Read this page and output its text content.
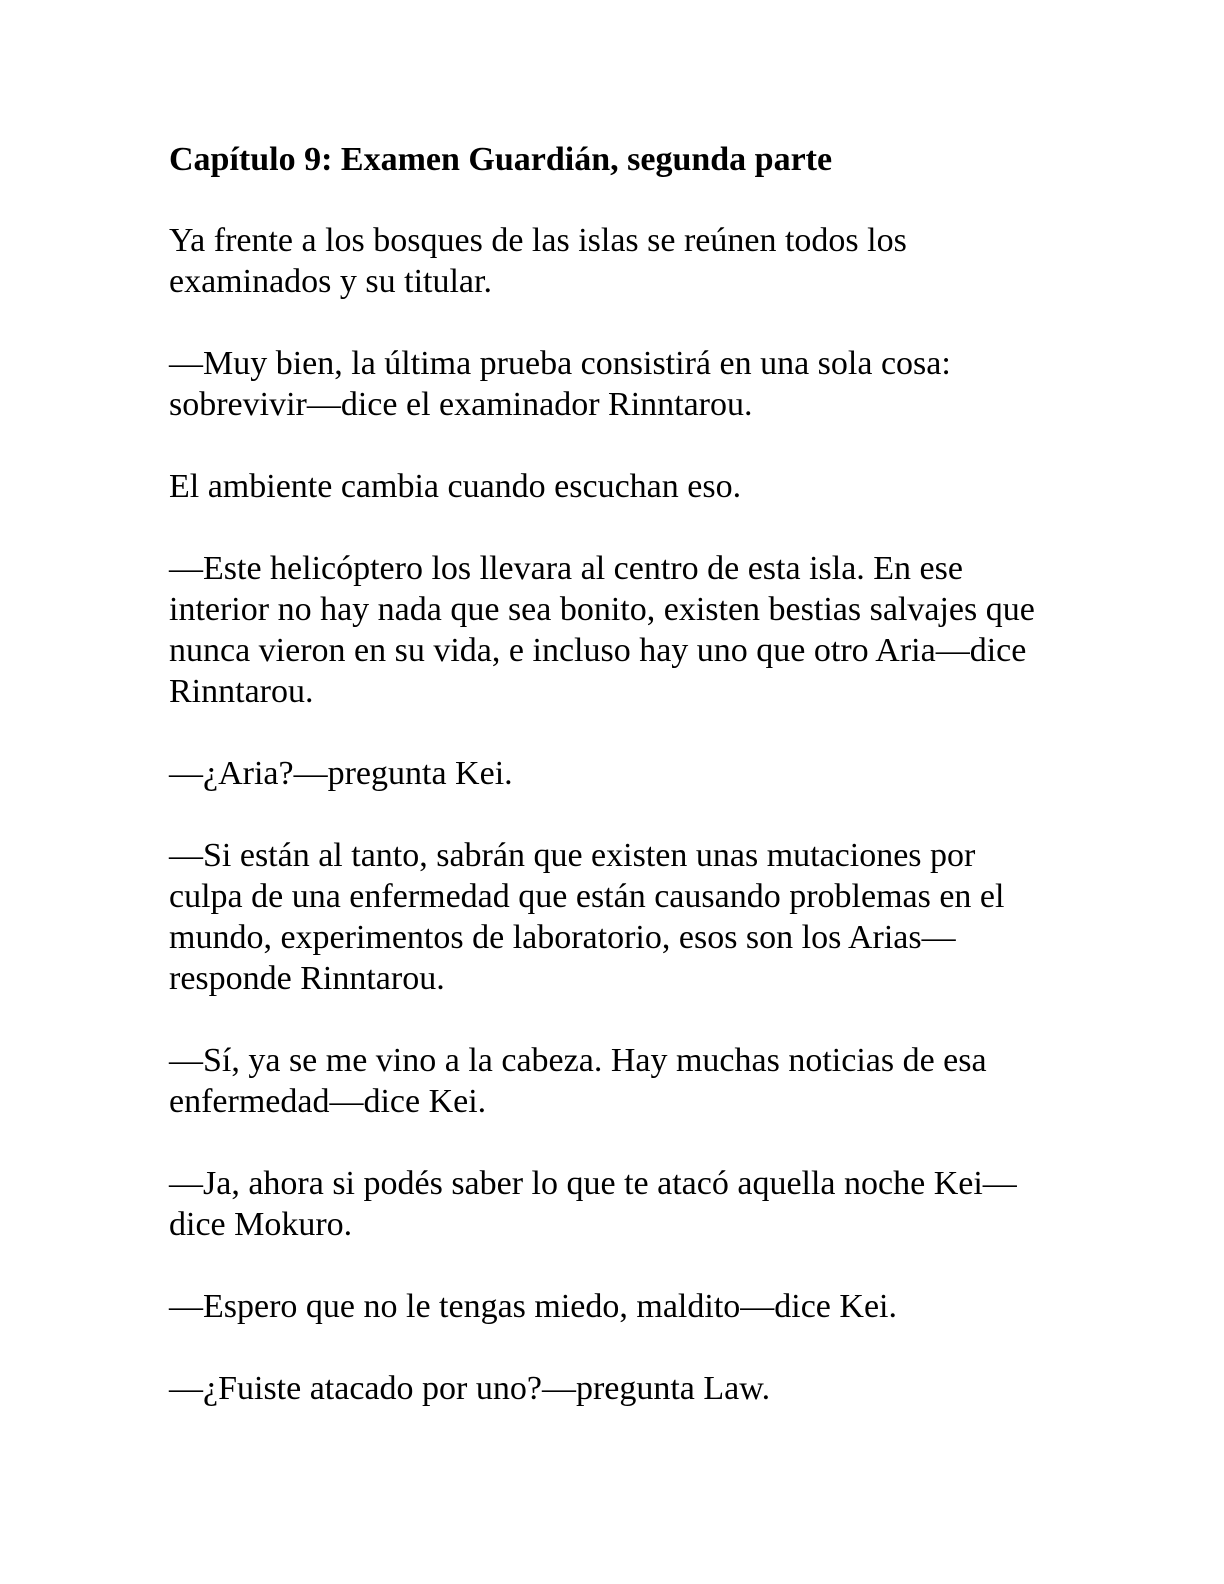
Capítulo 9: Examen Guardián, segunda parte

Ya frente a los bosques de las islas se reúnen todos los examinados y su titular.

—Muy bien, la última prueba consistirá en una sola cosa: sobrevivir—dice el examinador Rinntarou.

El ambiente cambia cuando escuchan eso.

—Este helicóptero los llevara al centro de esta isla. En ese interior no hay nada que sea bonito, existen bestias salvajes que nunca vieron en su vida, e incluso hay uno que otro Aria—dice Rinntarou.

—¿Aria?—pregunta Kei.

—Si están al tanto, sabrán que existen unas mutaciones por culpa de una enfermedad que están causando problemas en el mundo, experimentos de laboratorio, esos son los Arias— responde Rinntarou.

—Sí, ya se me vino a la cabeza. Hay muchas noticias de esa enfermedad—dice Kei.

—Ja, ahora si podés saber lo que te atacó aquella noche Kei—dice Mokuro.

—Espero que no le tengas miedo, maldito—dice Kei.

—¿Fuiste atacado por uno?—pregunta Law.
